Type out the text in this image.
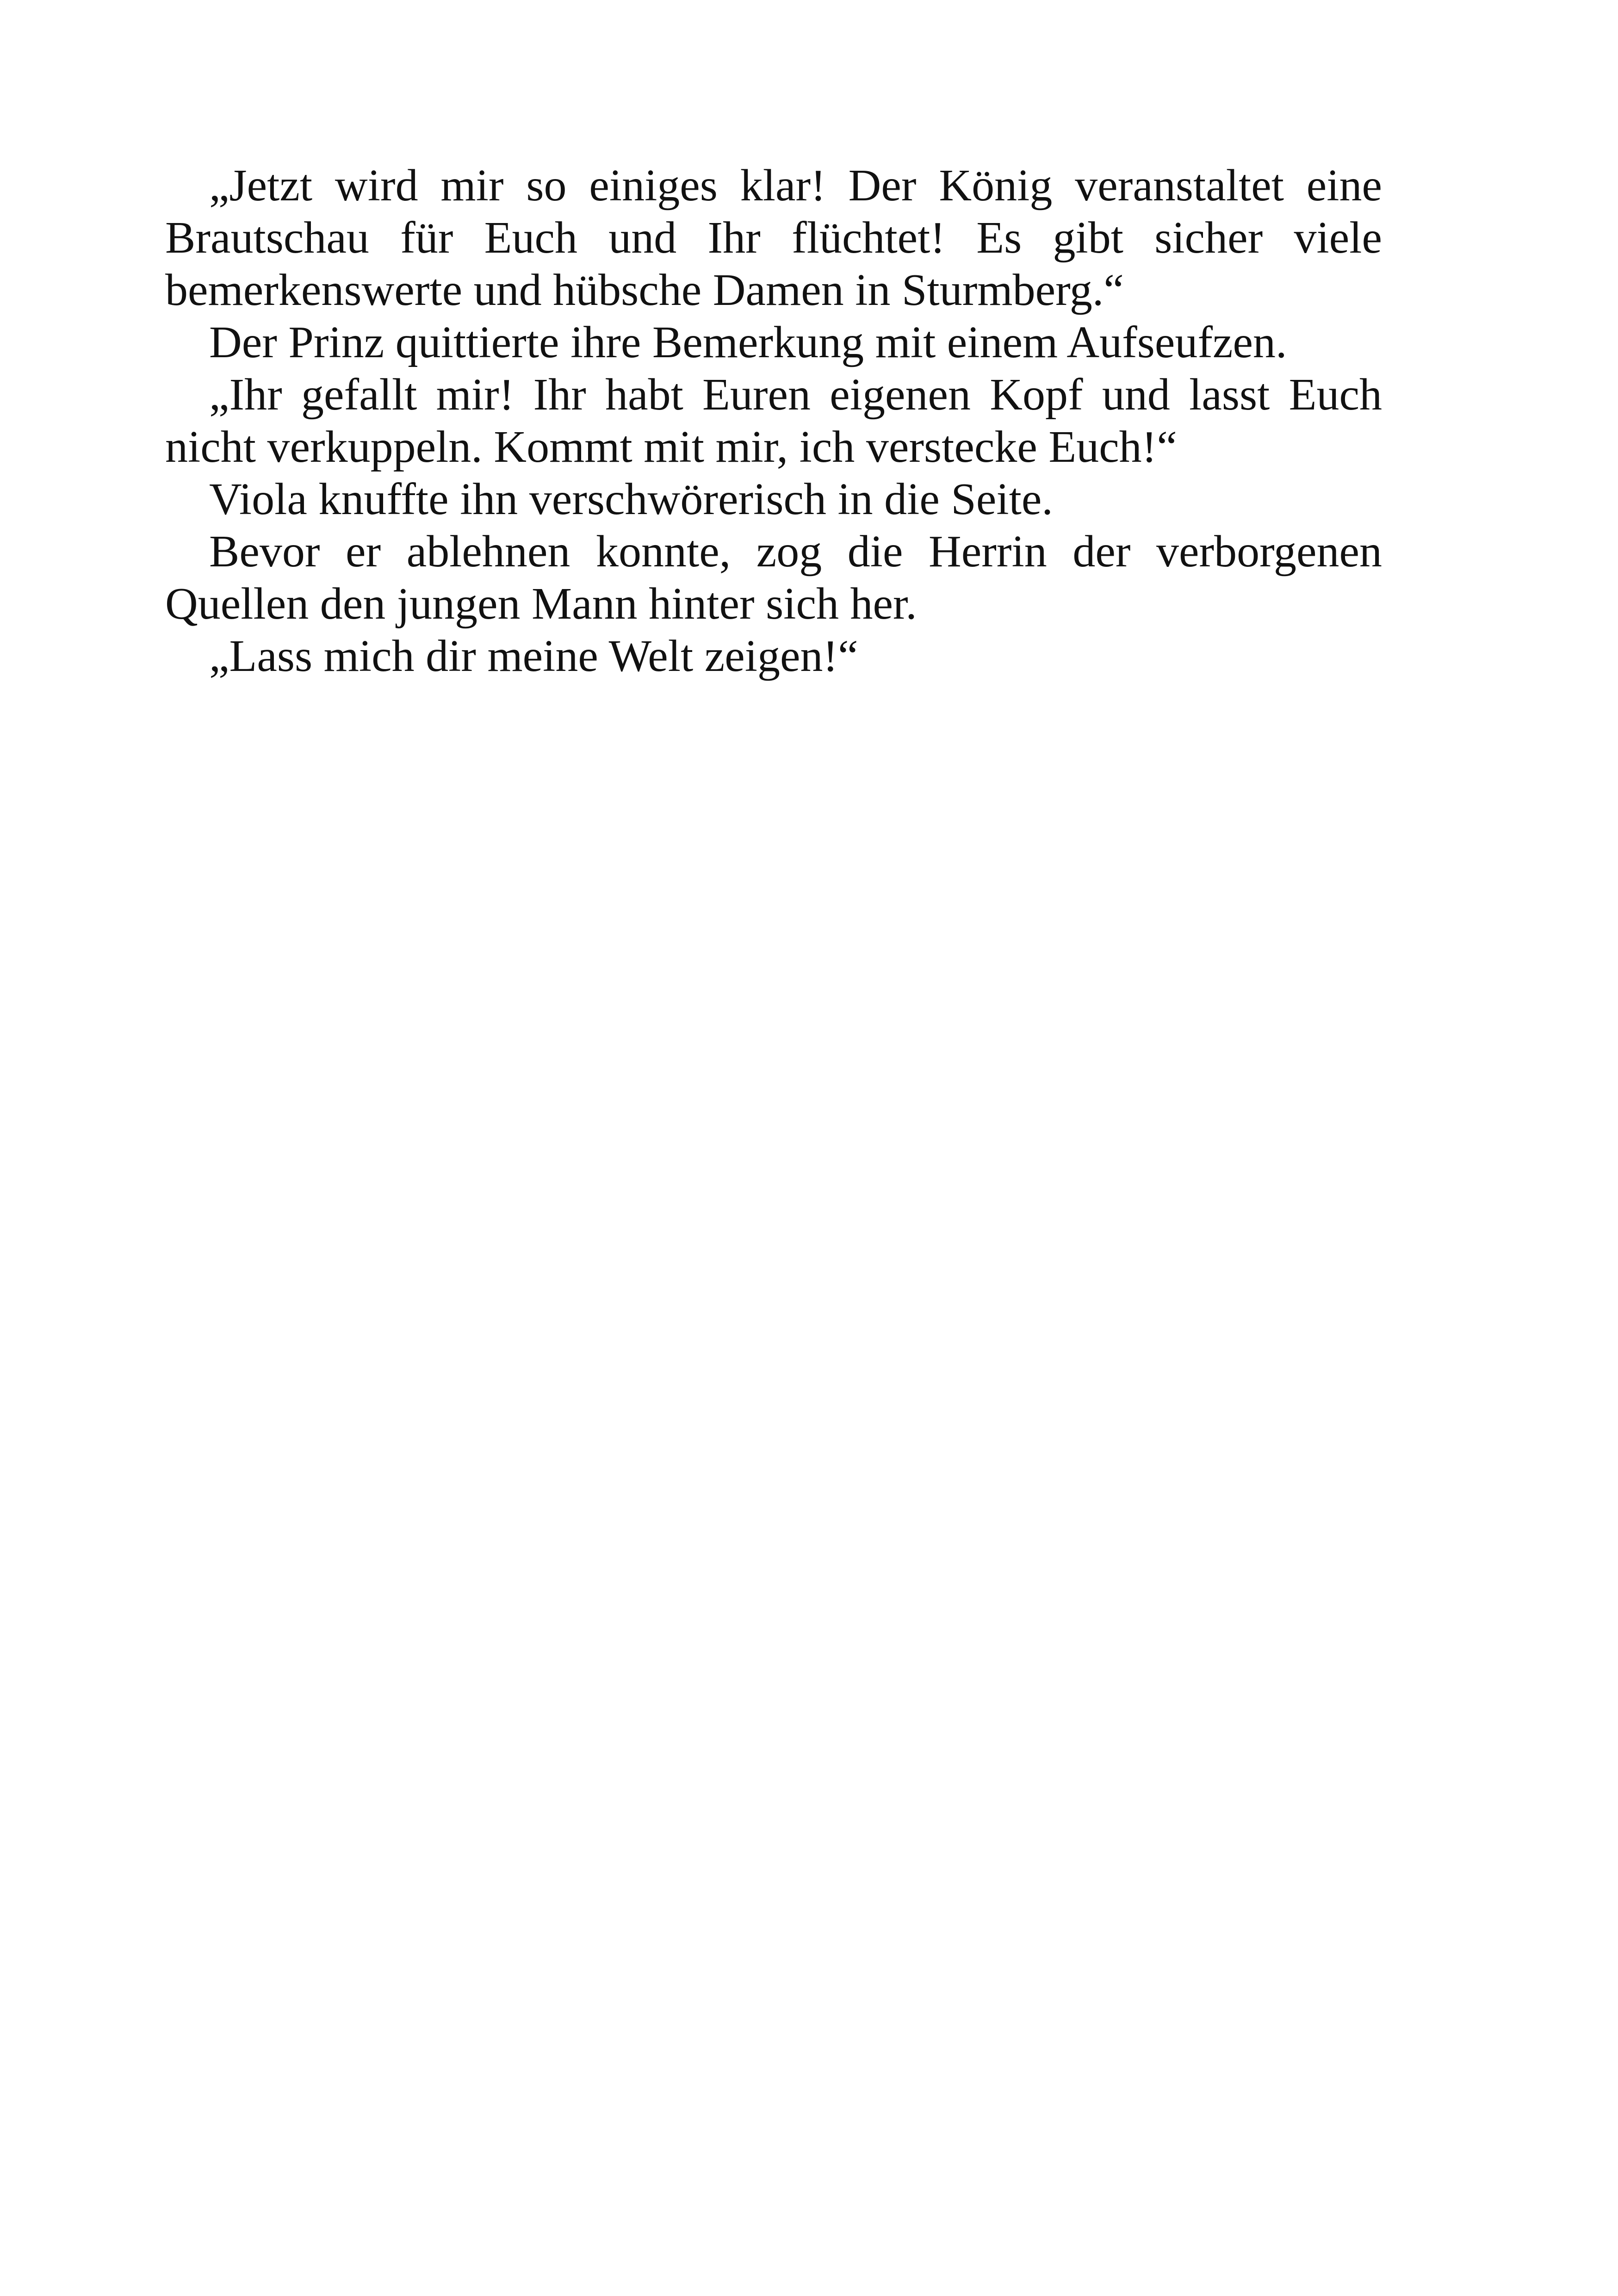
„Jetzt wird mir so einiges klar! Der König veranstaltet eine Brautschau für Euch und Ihr flüchtet! Es gibt sicher viele bemerkenswerte und hübsche Damen in Sturmberg.“

Der Prinz quittierte ihre Bemerkung mit einem Aufseufzen.

„Ihr gefallt mir! Ihr habt Euren eigenen Kopf und lasst Euch nicht verkuppeln. Kommt mit mir, ich verstecke Euch!“

Viola knuffte ihn verschwörerisch in die Seite.

Bevor er ablehnen konnte, zog die Herrin der verborgenen Quellen den jungen Mann hinter sich her.

„Lass mich dir meine Welt zeigen!“
